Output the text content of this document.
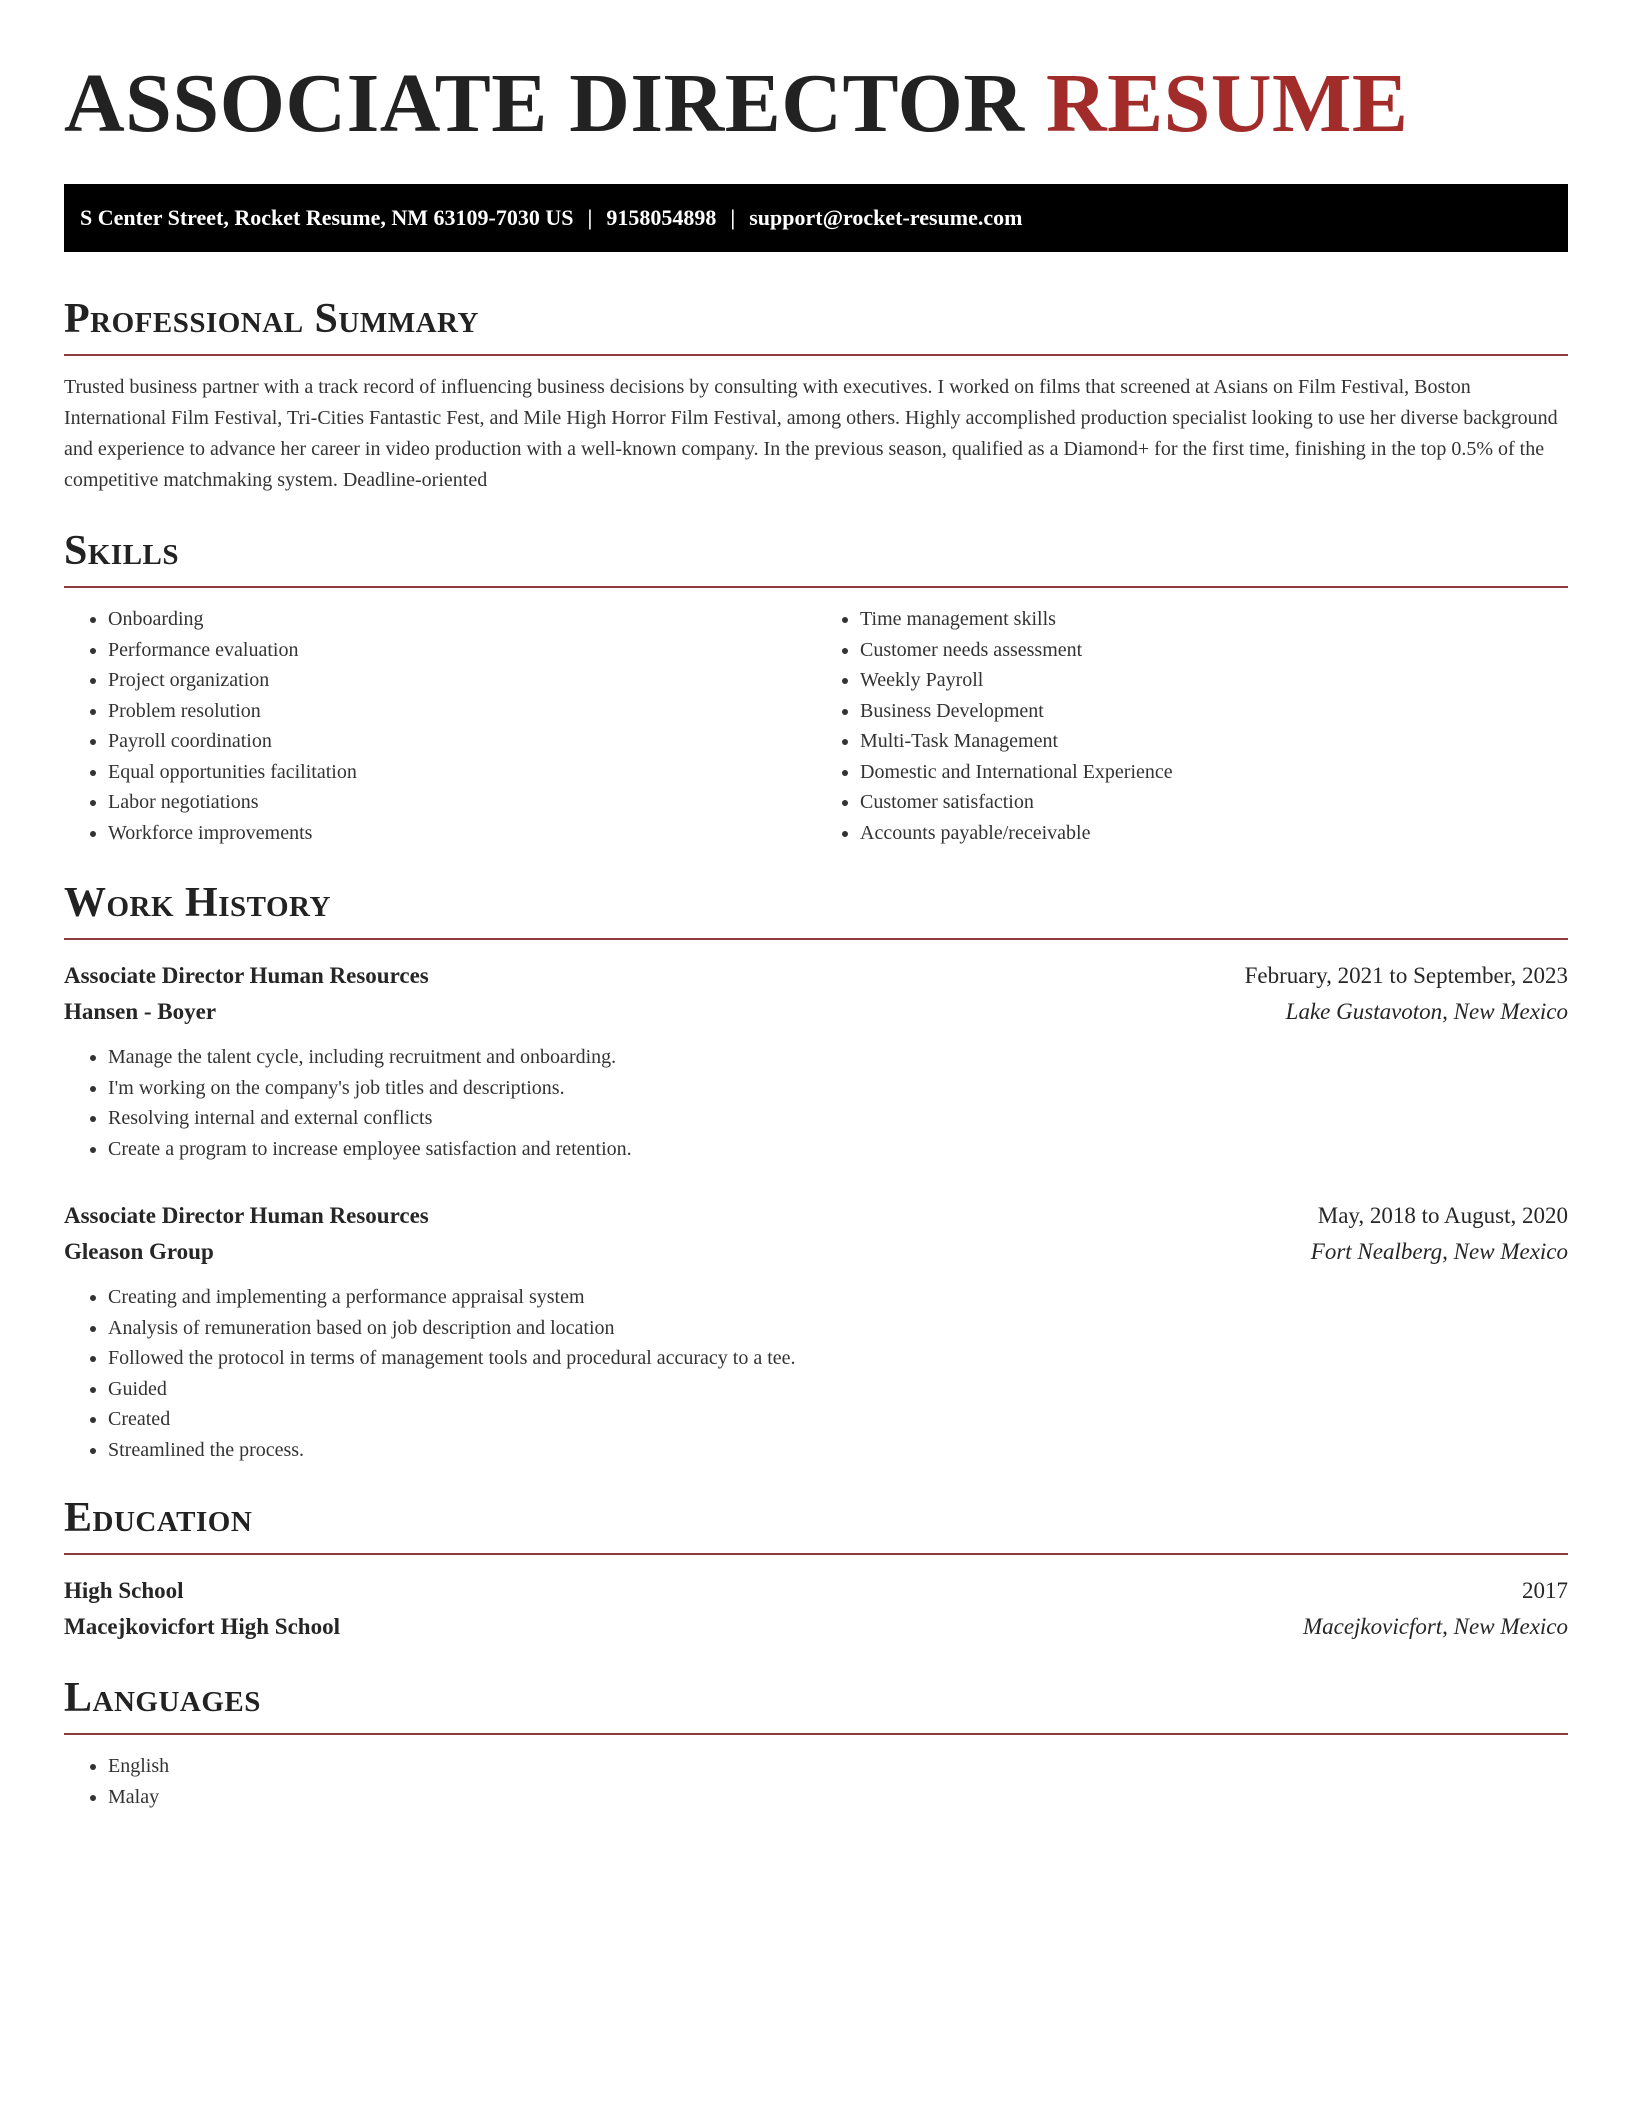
ASSOCIATE DIRECTOR RESUME
S Center Street, Rocket Resume, NM 63109-7030 US | 9158054898 | support@rocket-resume.com
Professional Summary

Trusted business partner with a track record of influencing business decisions by consulting with executives. I worked on films that screened at Asians on Film Festival, Boston International Film Festival, Tri-Cities Fantastic Fest, and Mile High Horror Film Festival, among others. Highly accomplished production specialist looking to use her diverse background and experience to advance her career in video production with a well-known company. In the previous season, qualified as a Diamond+ for the first time, finishing in the top 0.5% of the competitive matchmaking system. Deadline-oriented

Skills
• Onboarding
• Performance evaluation
• Project organization
• Problem resolution
• Payroll coordination
• Equal opportunities facilitation
• Labor negotiations
• Workforce improvements
• Time management skills
• Customer needs assessment
• Weekly Payroll
• Business Development
• Multi-Task Management
• Domestic and International Experience
• Customer satisfaction
• Accounts payable/receivable
Work History
Associate Director Human Resources	February, 2021 to September, 2023
Hansen - Boyer	Lake Gustavoton, New Mexico
• Manage the talent cycle, including recruitment and onboarding.
• I'm working on the company's job titles and descriptions.
• Resolving internal and external conflicts
• Create a program to increase employee satisfaction and retention.
Associate Director Human Resources	May, 2018 to August, 2020
Gleason Group	Fort Nealberg, New Mexico
• Creating and implementing a performance appraisal system
• Analysis of remuneration based on job description and location
• Followed the protocol in terms of management tools and procedural accuracy to a tee.
• Guided
• Created
• Streamlined the process.
Education
High School	2017
Macejkovicfort High School	Macejkovicfort, New Mexico
Languages
• English
• Malay
